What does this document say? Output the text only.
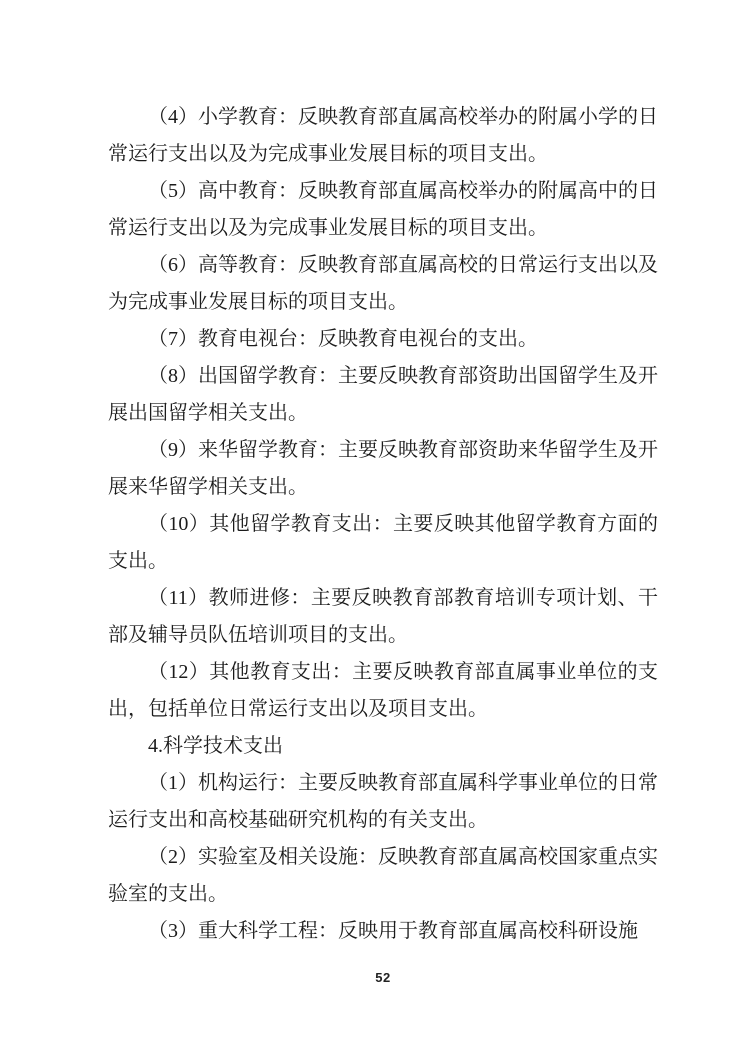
（4）小学教育：反映教育部直属高校举办的附属小学的日常运行支出以及为完成事业发展目标的项目支出。

（5）高中教育：反映教育部直属高校举办的附属高中的日常运行支出以及为完成事业发展目标的项目支出。

（6）高等教育：反映教育部直属高校的日常运行支出以及为完成事业发展目标的项目支出。

（7）教育电视台：反映教育电视台的支出。

（8）出国留学教育：主要反映教育部资助出国留学生及开展出国留学相关支出。

（9）来华留学教育：主要反映教育部资助来华留学生及开展来华留学相关支出。

（10）其他留学教育支出：主要反映其他留学教育方面的支出。

（11）教师进修：主要反映教育部教育培训专项计划、干部及辅导员队伍培训项目的支出。

（12）其他教育支出：主要反映教育部直属事业单位的支出，包括单位日常运行支出以及项目支出。

4.科学技术支出

（1）机构运行：主要反映教育部直属科学事业单位的日常运行支出和高校基础研究机构的有关支出。

（2）实验室及相关设施：反映教育部直属高校国家重点实验室的支出。

（3）重大科学工程：反映用于教育部直属高校科研设施

52
